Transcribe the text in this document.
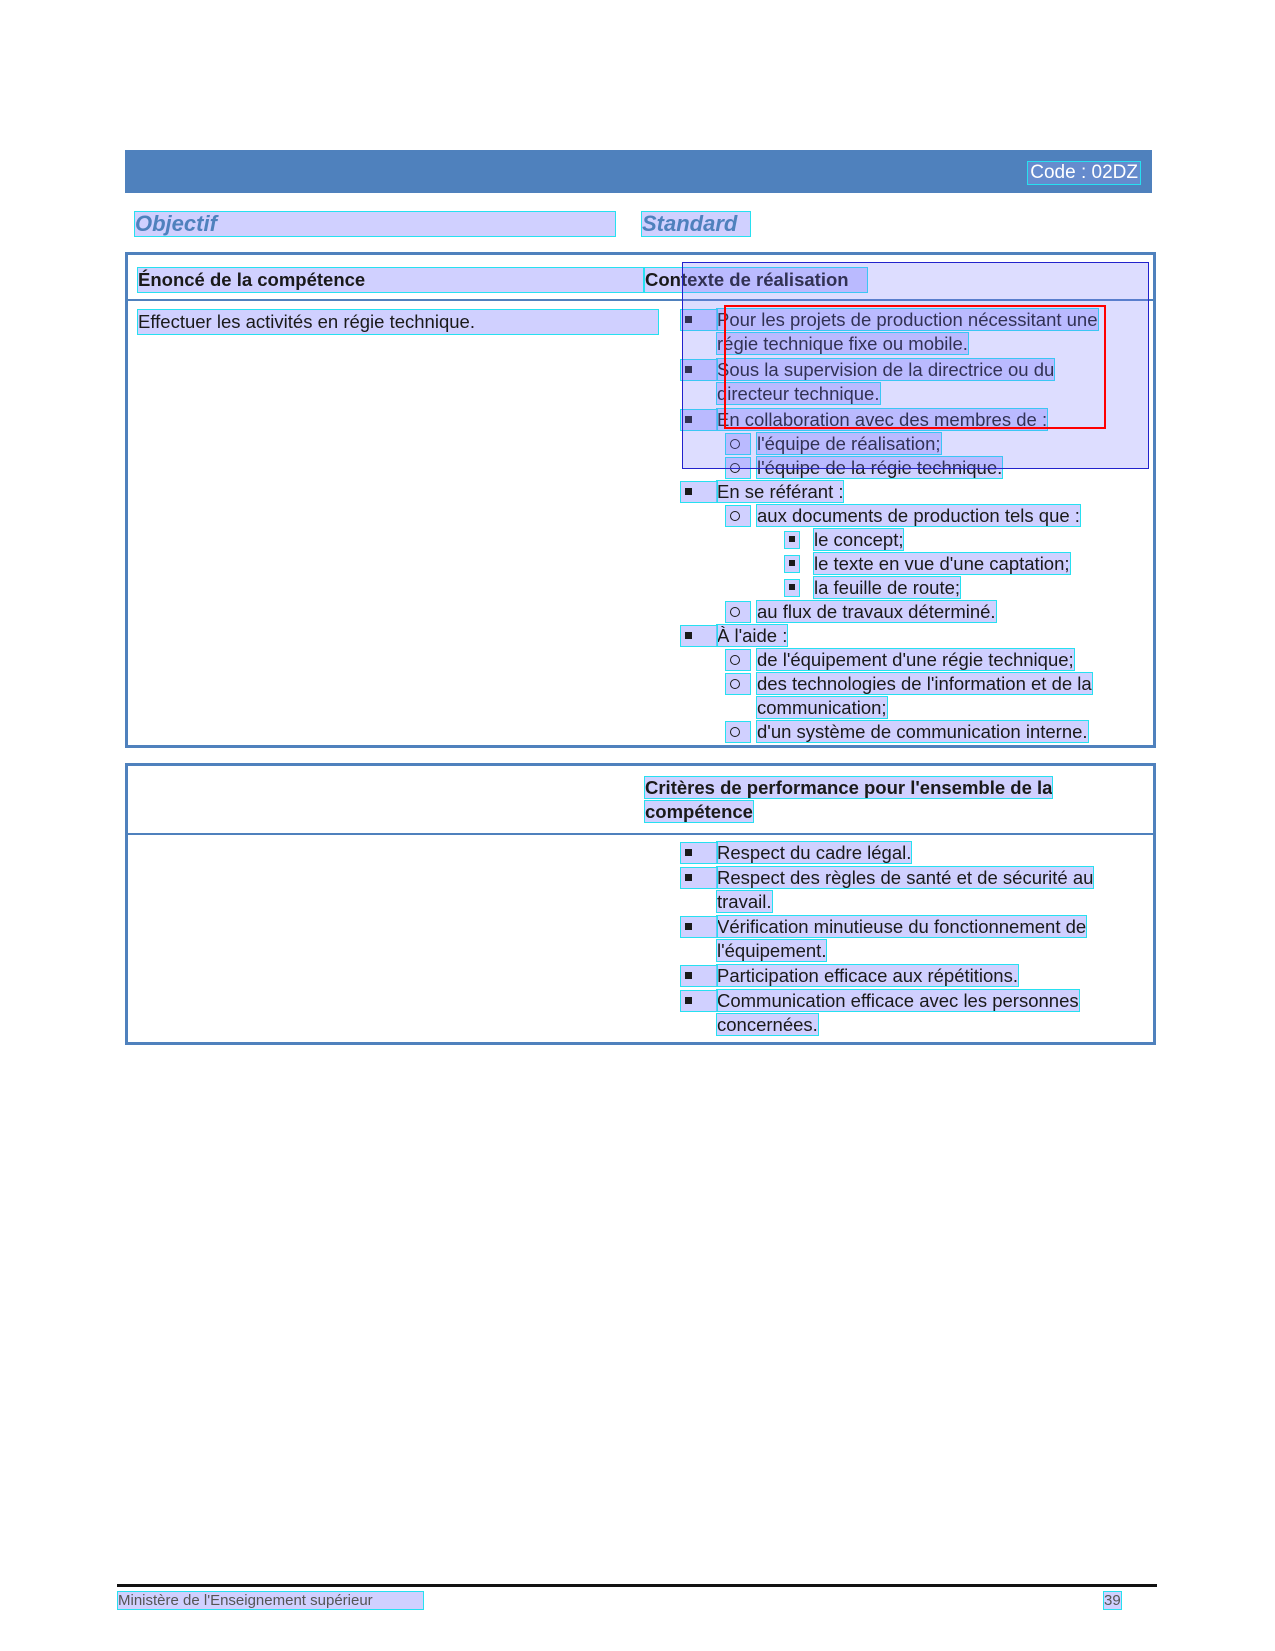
Code : 02DZ
Objectif	Standard
Énoncé de la compétence	Contexte de réalisation
Effectuer les activités en régie technique.	Pour les projets de production nécessitant une régie technique fixe ou mobile.
Sous la supervision de la directrice ou du directeur technique.
En collaboration avec des membres de :
l'équipe de réalisation;
l'équipe de la régie technique.
En se référant :
aux documents de production tels que :
le concept;
le texte en vue d'une captation;
la feuille de route;
au flux de travaux déterminé.
À l'aide :
de l'équipement d'une régie technique;
des technologies de l'information et de la communication;
d'un système de communication interne.
Critères de performance pour l'ensemble de la compétence
Respect du cadre légal.
Respect des règles de santé et de sécurité au travail.
Vérification minutieuse du fonctionnement de l'équipement.
Participation efficace aux répétitions.
Communication efficace avec les personnes concernées.
Ministère de l'Enseignement supérieur	39
